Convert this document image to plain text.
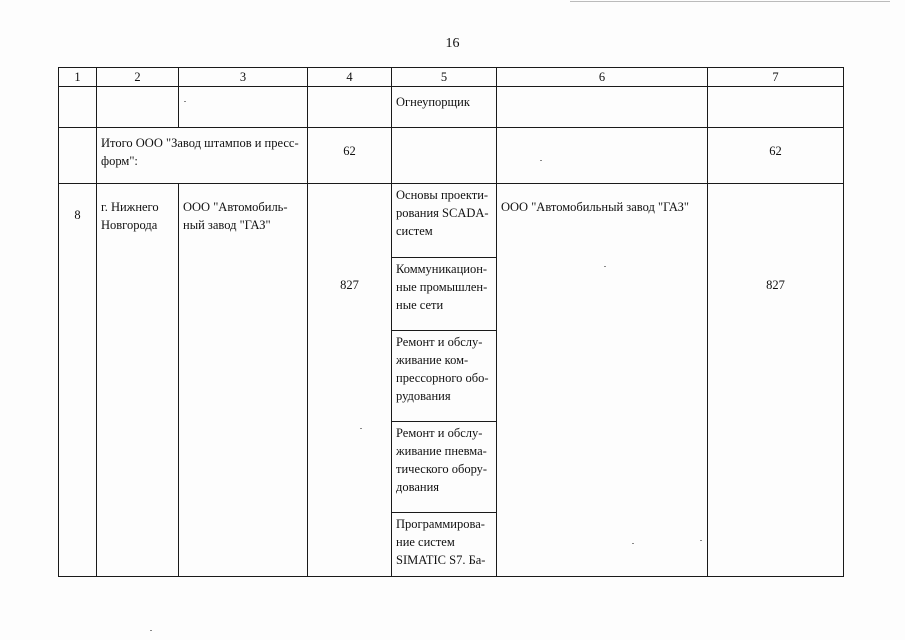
16
1	2	3	4	5	6	7
				Огнеупорщик		
	Итого ООО "Завод штампов и пресс-форм":		62			62
8	г. Нижнего Новгорода	ООО "Автомобиль-ный завод "ГАЗ"	827	Основы проекти-рования SCADA-систем	ООО "Автомобильный завод "ГАЗ"	827
				Коммуникацион-ные промышлен-ные сети		
				Ремонт и обслу-живание ком-прессорного обо-рудования		
				Ремонт и обслу-живание пневма-тического обору-дования		
				Программирова-ние систем SIMATIC S7. Ба-		
